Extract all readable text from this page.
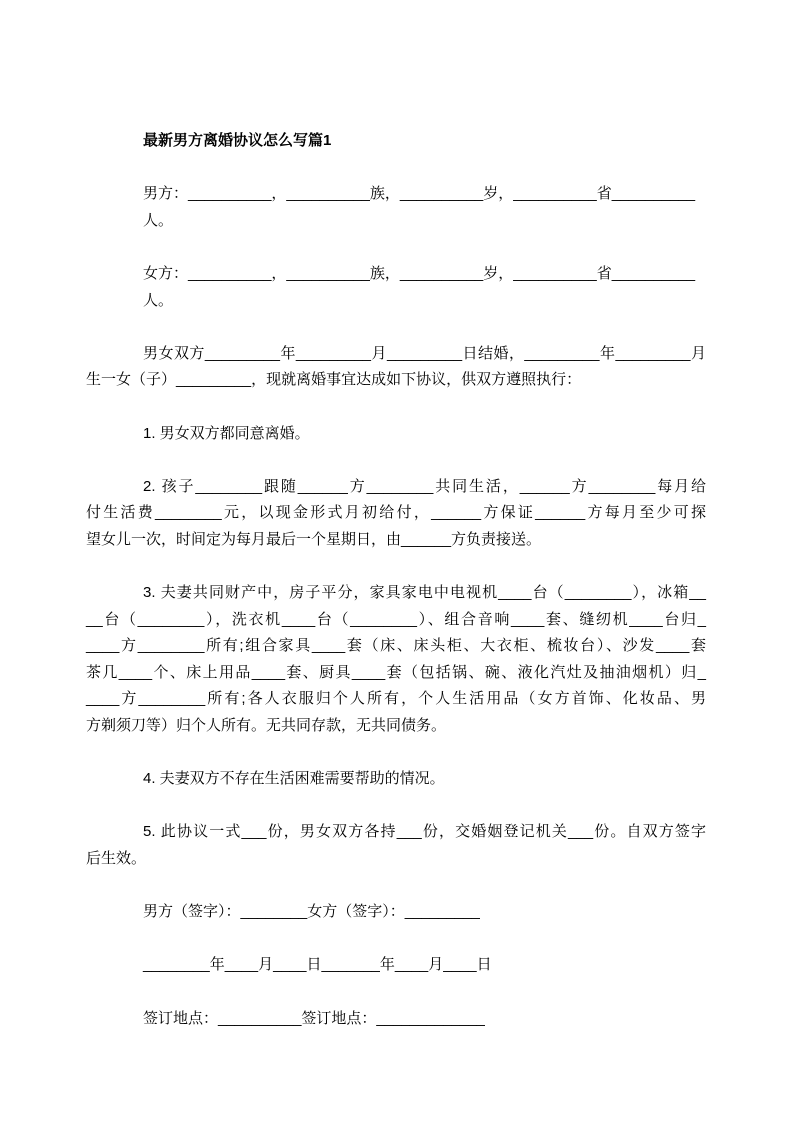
最新男方离婚协议怎么写篇1
男方：__________，__________族，__________岁，__________省__________人。
女方：__________，__________族，__________岁，__________省__________人。
男女双方_________年_________月_________日结婚，_________年_________月
生一女（子）_________，现就离婚事宜达成如下协议，供双方遵照执行：
1. 男女双方都同意离婚。
2. 孩子________跟随______方________共同生活，______方________每月给
付生活费________元，以现金形式月初给付，______方保证______方每月至少可探
望女儿一次，时间定为每月最后一个星期日，由______方负责接送。
3. 夫妻共同财产中，房子平分，家具家电中电视机____台（________），冰箱__
__台（________），洗衣机____台（________）、组合音响____套、缝纫机____台归_
____方________所有;组合家具____套（床、床头柜、大衣柜、梳妆台）、沙发____套
茶几____个、床上用品____套、厨具____套（包括锅、碗、液化汽灶及抽油烟机）归_
____方________所有;各人衣服归个人所有，个人生活用品（女方首饰、化妆品、男
方剃须刀等）归个人所有。无共同存款，无共同债务。
4. 夫妻双方不存在生活困难需要帮助的情况。
5. 此协议一式___份，男女双方各持___份，交婚姻登记机关___份。自双方签字
后生效。
男方（签字）：________女方（签字）：_________
________年____月____日_______年____月____日
签订地点：__________签订地点：_____________
